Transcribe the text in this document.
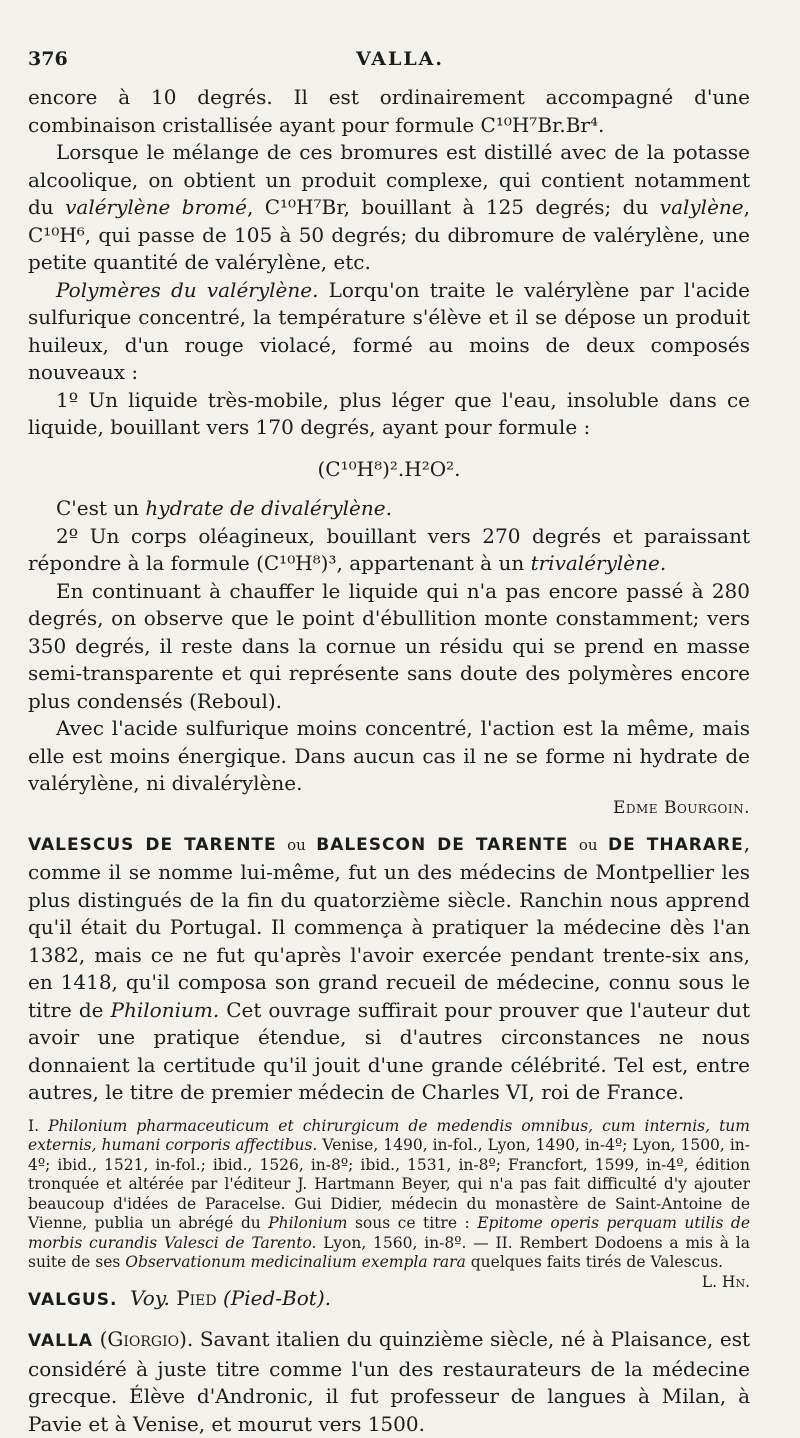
376	VALLA.

encore à 10 degrés. Il est ordinairement accompagné d'une combinaison cristallisée ayant pour formule C¹⁰H⁷Br.Br⁴.

Lorsque le mélange de ces bromures est distillé avec de la potasse alcoolique, on obtient un produit complexe, qui contient notamment du valérylène bromé, C¹⁰H⁷Br, bouillant à 125 degrés; du valylène, C¹⁰H⁶, qui passe de 105 à 50 degrés; du dibromure de valérylène, une petite quantité de valérylène, etc.

Polymères du valérylène. Lorqu'on traite le valérylène par l'acide sulfurique concentré, la température s'élève et il se dépose un produit huileux, d'un rouge violacé, formé au moins de deux composés nouveaux :

1º Un liquide très-mobile, plus léger que l'eau, insoluble dans ce liquide, bouillant vers 170 degrés, ayant pour formule :

(C¹⁰H⁸)².H²O².

C'est un hydrate de divalérylène.

2º Un corps oléagineux, bouillant vers 270 degrés et paraissant répondre à la formule (C¹⁰H⁸)³, appartenant à un trivalérylène.

En continuant à chauffer le liquide qui n'a pas encore passé à 280 degrés, on observe que le point d'ébullition monte constamment; vers 350 degrés, il reste dans la cornue un résidu qui se prend en masse semi-transparente et qui représente sans doute des polymères encore plus condensés (Reboul).

Avec l'acide sulfurique moins concentré, l'action est la même, mais elle est moins énergique. Dans aucun cas il ne se forme ni hydrate de valérylène, ni divalérylène.

Edme Bourgoin.

VALESCUS DE TARENTE ou BALESCON DE TARENTE ou DE THARARE, comme il se nomme lui-même, fut un des médecins de Montpellier les plus distingués de la fin du quatorzième siècle. Ranchin nous apprend qu'il était du Portugal. Il commença à pratiquer la médecine dès l'an 1382, mais ce ne fut qu'après l'avoir exercée pendant trente-six ans, en 1418, qu'il composa son grand recueil de médecine, connu sous le titre de Philonium. Cet ouvrage suffirait pour prouver que l'auteur dut avoir une pratique étendue, si d'autres circonstances ne nous donnaient la certitude qu'il jouit d'une grande célébrité. Tel est, entre autres, le titre de premier médecin de Charles VI, roi de France.

I. Philonium pharmaceuticum et chirurgicum de medendis omnibus, cum internis, tum externis, humani corporis affectibus. Venise, 1490, in-fol., Lyon, 1490, in-4º; Lyon, 1500, in-4º; ibid., 1521, in-fol.; ibid., 1526, in-8º; ibid., 1531, in-8º; Francfort, 1599, in-4º, édition tronquée et altérée par l'éditeur J. Hartmann Beyer, qui n'a pas fait difficulté d'y ajouter beaucoup d'idées de Paracelse. Gui Didier, médecin du monastère de Saint-Antoine de Vienne, publia un abrégé du Philonium sous ce titre : Epitome operis perquam utilis de morbis curandis Valesci de Tarento. Lyon, 1560, in-8º. — II. Rembert Dodoens a mis à la suite de ses Observationum medicinalium exempla rara quelques faits tirés de Valescus.
L. Hn.

VALGUS. Voy. Pied (Pied-Bot).

VALLA (Giorgio). Savant italien du quinzième siècle, né à Plaisance, est considéré à juste titre comme l'un des restaurateurs de la médecine grecque. Élève d'Andronic, il fut professeur de langues à Milan, à Pavie et à Venise, et mourut vers 1500.
